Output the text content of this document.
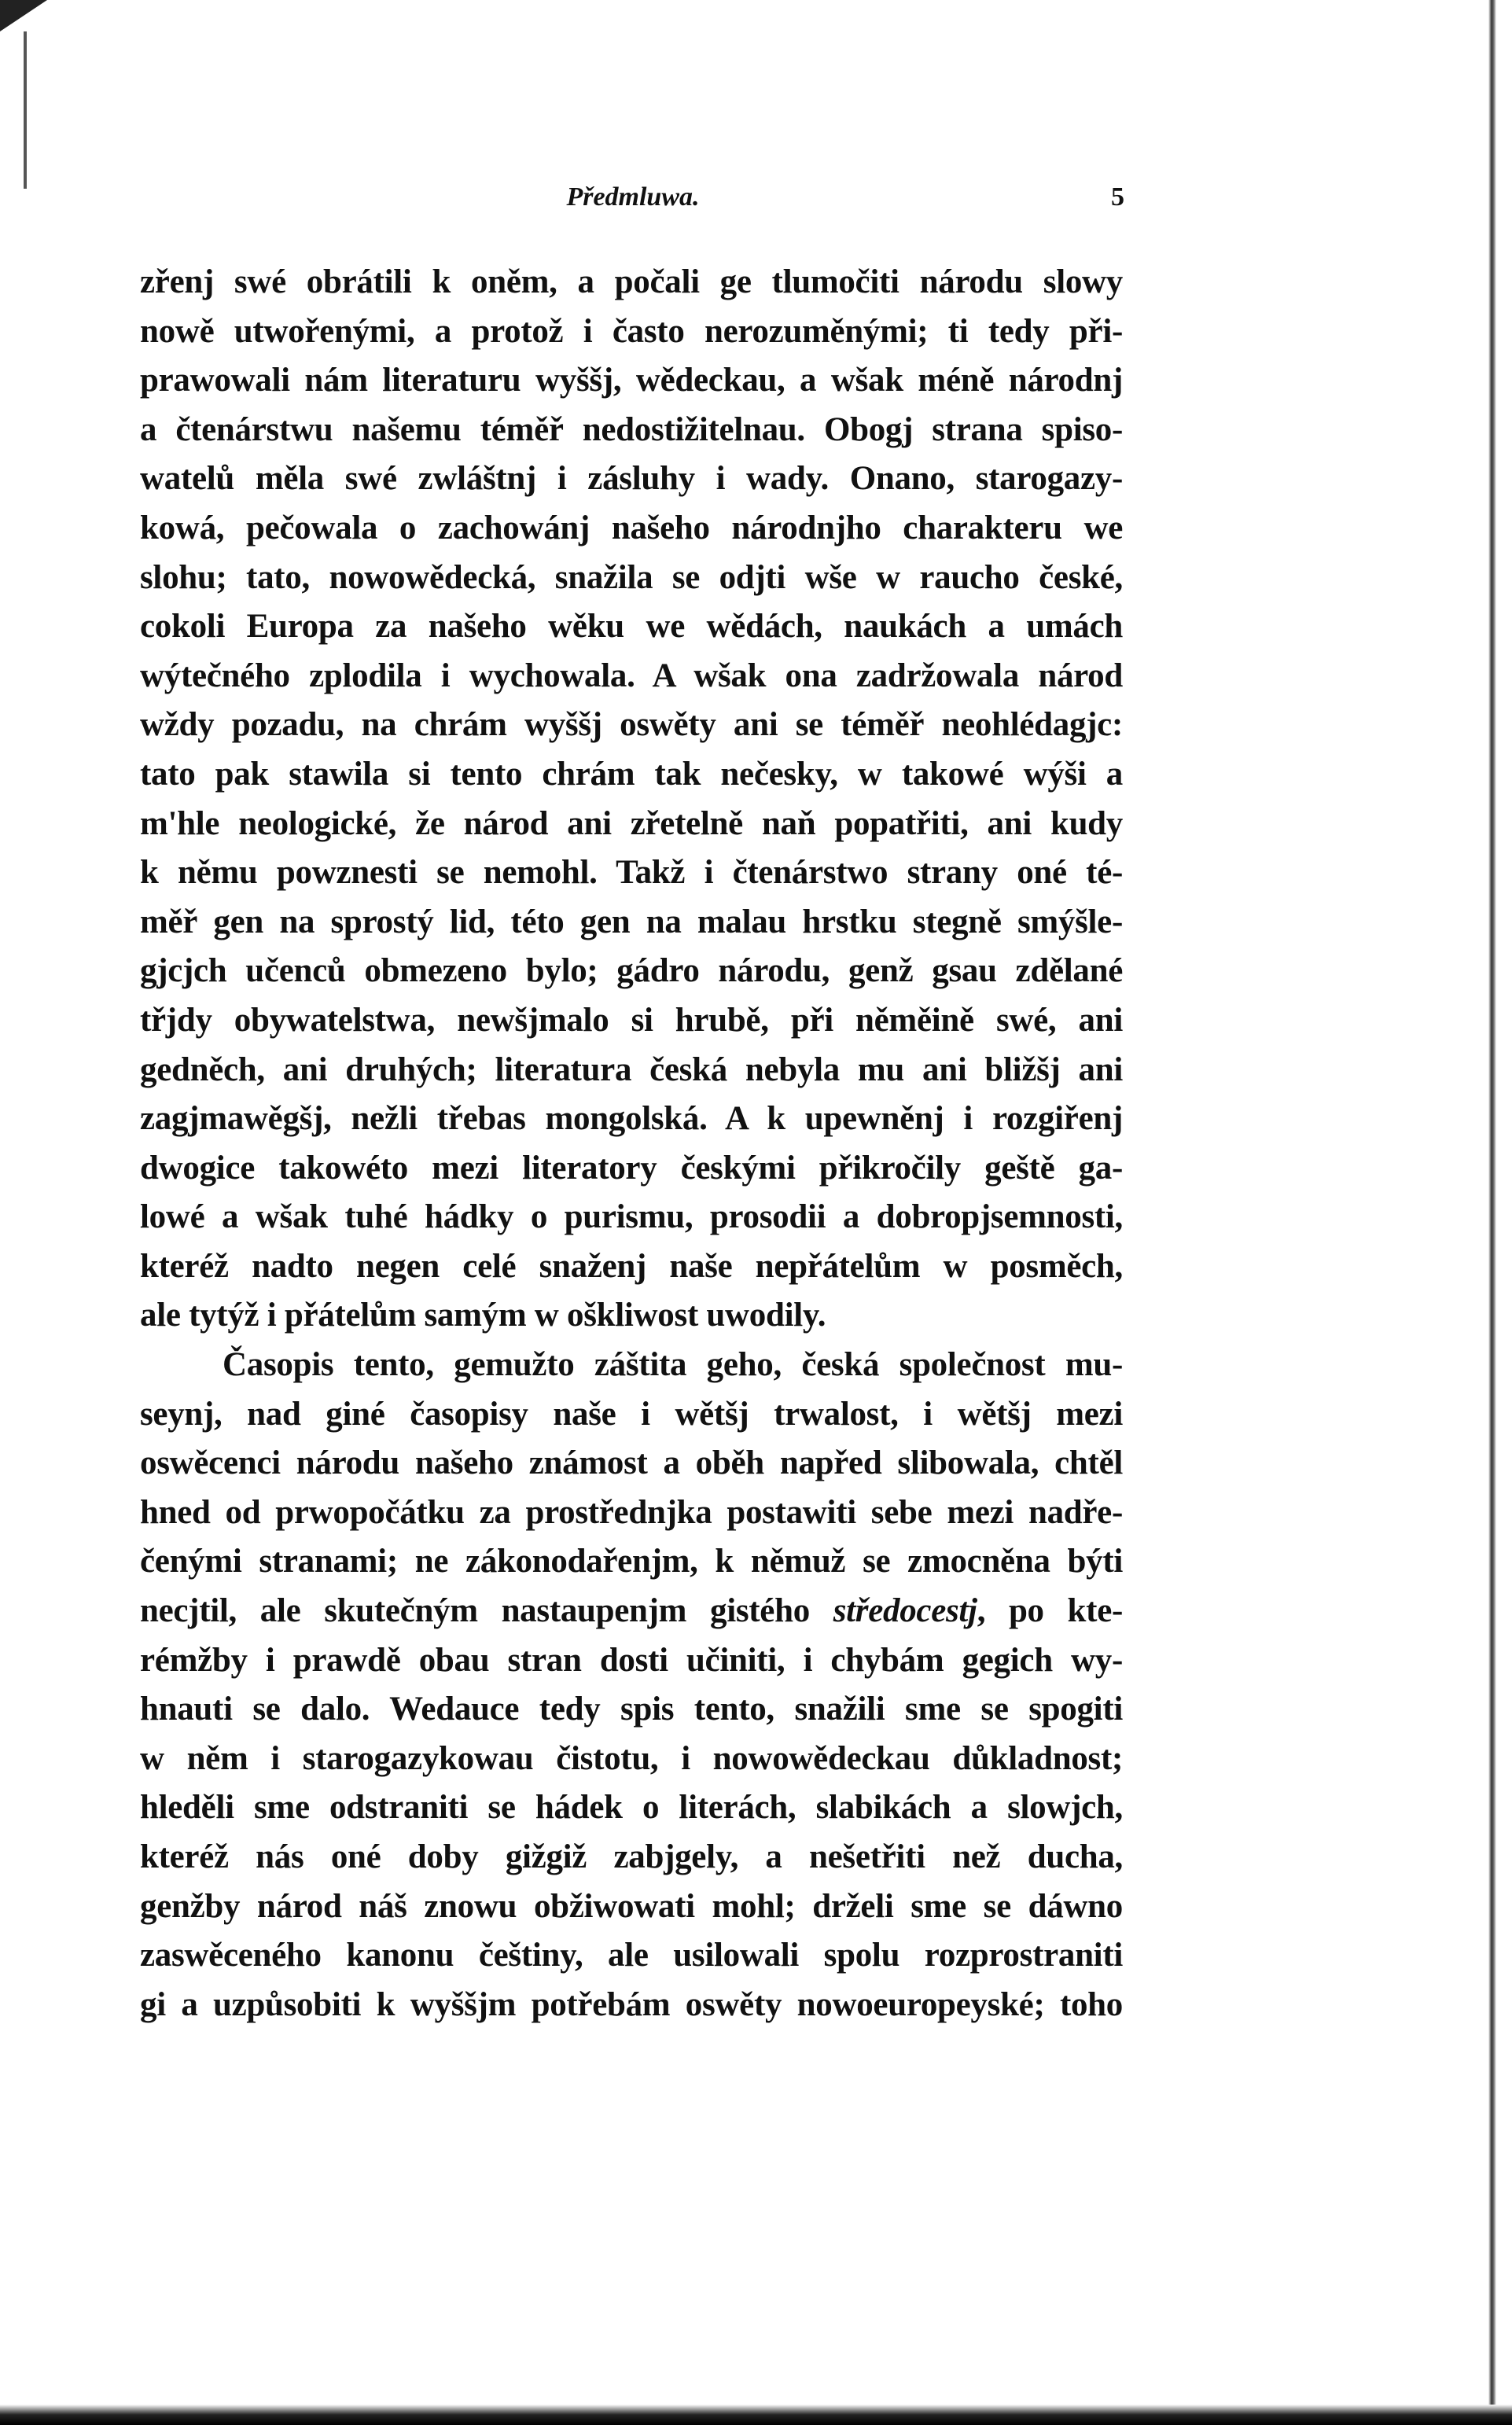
Předmluwa.	5
zřenj swé obrátili k oněm, a počali ge tlumočiti národu slowy
nowě utwořenými, a protož i často nerozuměnými; ti tedy při-
prawowali nám literaturu wyššj, wědeckau, a wšak méně národnj
a čtenárstwu našemu téměř nedostižitelnau. Obogj strana spiso-
watelů měla swé zwláštnj i zásluhy i wady. Onano, starogazy-
kowá, pečowala o zachowánj našeho národnjho charakteru we
slohu; tato, nowowědecká, snažila se odjti wše w raucho české,
cokoli Europa za našeho wěku we wědách, naukách a umách
wýtečného zplodila i wychowala. A wšak ona zadržowala národ
wždy pozadu, na chrám wyššj oswěty ani se téměř neohlédagjc:
tato pak stawila si tento chrám tak nečesky, w takowé wýši a
m'hle neologické, že národ ani zřetelně naň popatřiti, ani kudy
k němu powznesti se nemohl. Takž i čtenárstwo strany oné té-
měř gen na sprostý lid, této gen na malau hrstku stegně smýšle-
gjcjch učenců obmezeno bylo; gádro národu, genž gsau zdělané
třjdy obywatelstwa, newšjmalo si hrubě, při něměině swé, ani
gedněch, ani druhých; literatura česká nebyla mu ani bližšj ani
zagjmawěgšj, nežli třebas mongolská. A k upewněnj i rozgiřenj
dwogice takowéto mezi literatory českými přikročily geště ga-
lowé a wšak tuhé hádky o purismu, prosodii a dobropjsemnosti,
kteréž nadto negen celé snaženj naše nepřátelům w posměch,
ale tytýž i přátelům samým w oškliwost uwodily.
Časopis tento, gemužto záštita geho, česká společnost mu-
seynj, nad giné časopisy naše i wětšj trwalost, i wětšj mezi
oswěcenci národu našeho známost a oběh napřed slibowala, chtěl
hned od prwopočátku za prostřednjka postawiti sebe mezi nadře-
čenými stranami; ne zákonodařenjm, k němuž se zmocněna býti
necjtil, ale skutečným nastaupenjm gistého středocestj, po kte-
rémžby i prawdě obau stran dosti učiniti, i chybám gegich wy-
hnauti se dalo. Wedauce tedy spis tento, snažili sme se spogiti
w něm i starogazykowau čistotu, i nowowědeckau důkladnost;
hleděli sme odstraniti se hádek o literách, slabikách a slowjch,
kteréž nás oné doby gižgiž zabjgely, a nešetřiti než ducha,
genžby národ náš znowu obžiwowati mohl; drželi sme se dáwno
zaswěceného kanonu češtiny, ale usilowali spolu rozprostraniti
gi a uzpůsobiti k wyššjm potřebám oswěty nowoeuropeyské; toho
